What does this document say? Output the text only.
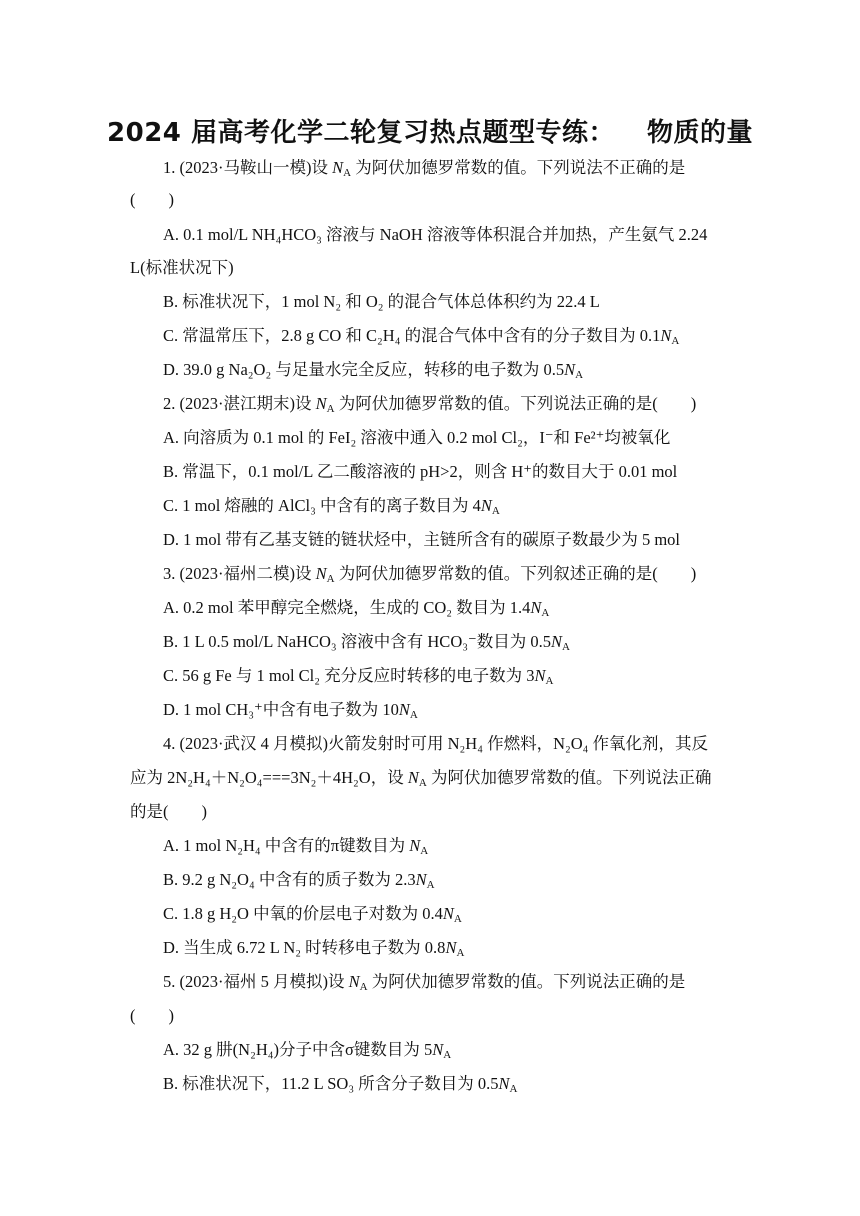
2024 届高考化学二轮复习热点题型专练： 物质的量
1. (2023·马鞍山一模)设 $N_A$ 为阿伏加德罗常数的值。下列说法不正确的是
(　　)
A. 0.1 mol/L NH₄HCO₃ 溶液与 NaOH 溶液等体积混合并加热，产生氨气 2.24
L(标准状况下)
B. 标准状况下，1 mol N₂ 和 O₂ 的混合气体总体积约为 22.4 L
C. 常温常压下，2.8 g CO 和 C₂H₄ 的混合气体中含有的分子数目为 $0.1N_A$
D. 39.0 g Na₂O₂ 与足量水完全反应，转移的电子数为 $0.5N_A$
2. (2023·湛江期末)设 $N_A$ 为阿伏加德罗常数的值。下列说法正确的是(　　)
A. 向溶质为 0.1 mol 的 FeI₂ 溶液中通入 0.2 mol Cl₂，I⁻和 Fe²⁺均被氧化
B. 常温下，0.1 mol/L 乙二酸溶液的 pH>2，则含 H⁺的数目大于 0.01 mol
C. 1 mol 熔融的 AlCl₃ 中含有的离子数目为 $4N_A$
D. 1 mol 带有乙基支链的链状烃中，主链所含有的碳原子数最少为 5 mol
3. (2023·福州二模)设 $N_A$ 为阿伏加德罗常数的值。下列叙述正确的是(　　)
A. 0.2 mol 苯甲醇完全燃烧，生成的 CO₂ 数目为 $1.4N_A$
B. 1 L 0.5 mol/L NaHCO₃ 溶液中含有 HCO₃⁻数目为 $0.5N_A$
C. 56 g Fe 与 1 mol Cl₂ 充分反应时转移的电子数为 $3N_A$
D. 1 mol CH₃⁺中含有电子数为 $10N_A$
4. (2023·武汉 4 月模拟)火箭发射时可用 N₂H₄ 作燃料，N₂O₄ 作氧化剂，其反
应为 2N₂H₄＋N₂O₄===3N₂＋4H₂O，设 $N_A$ 为阿伏加德罗常数的值。下列说法正确
的是(　　)
A. 1 mol N₂H₄ 中含有的π键数目为 $N_A$
B. 9.2 g N₂O₄ 中含有的质子数为 $2.3N_A$
C. 1.8 g H₂O 中氧的价层电子对数为 $0.4N_A$
D. 当生成 6.72 L N₂ 时转移电子数为 $0.8N_A$
5. (2023·福州 5 月模拟)设 $N_A$ 为阿伏加德罗常数的值。下列说法正确的是
(　　)
A. 32 g 肼(N₂H₄)分子中含σ键数目为 $5N_A$
B. 标准状况下，11.2 L SO₃ 所含分子数目为 $0.5N_A$
